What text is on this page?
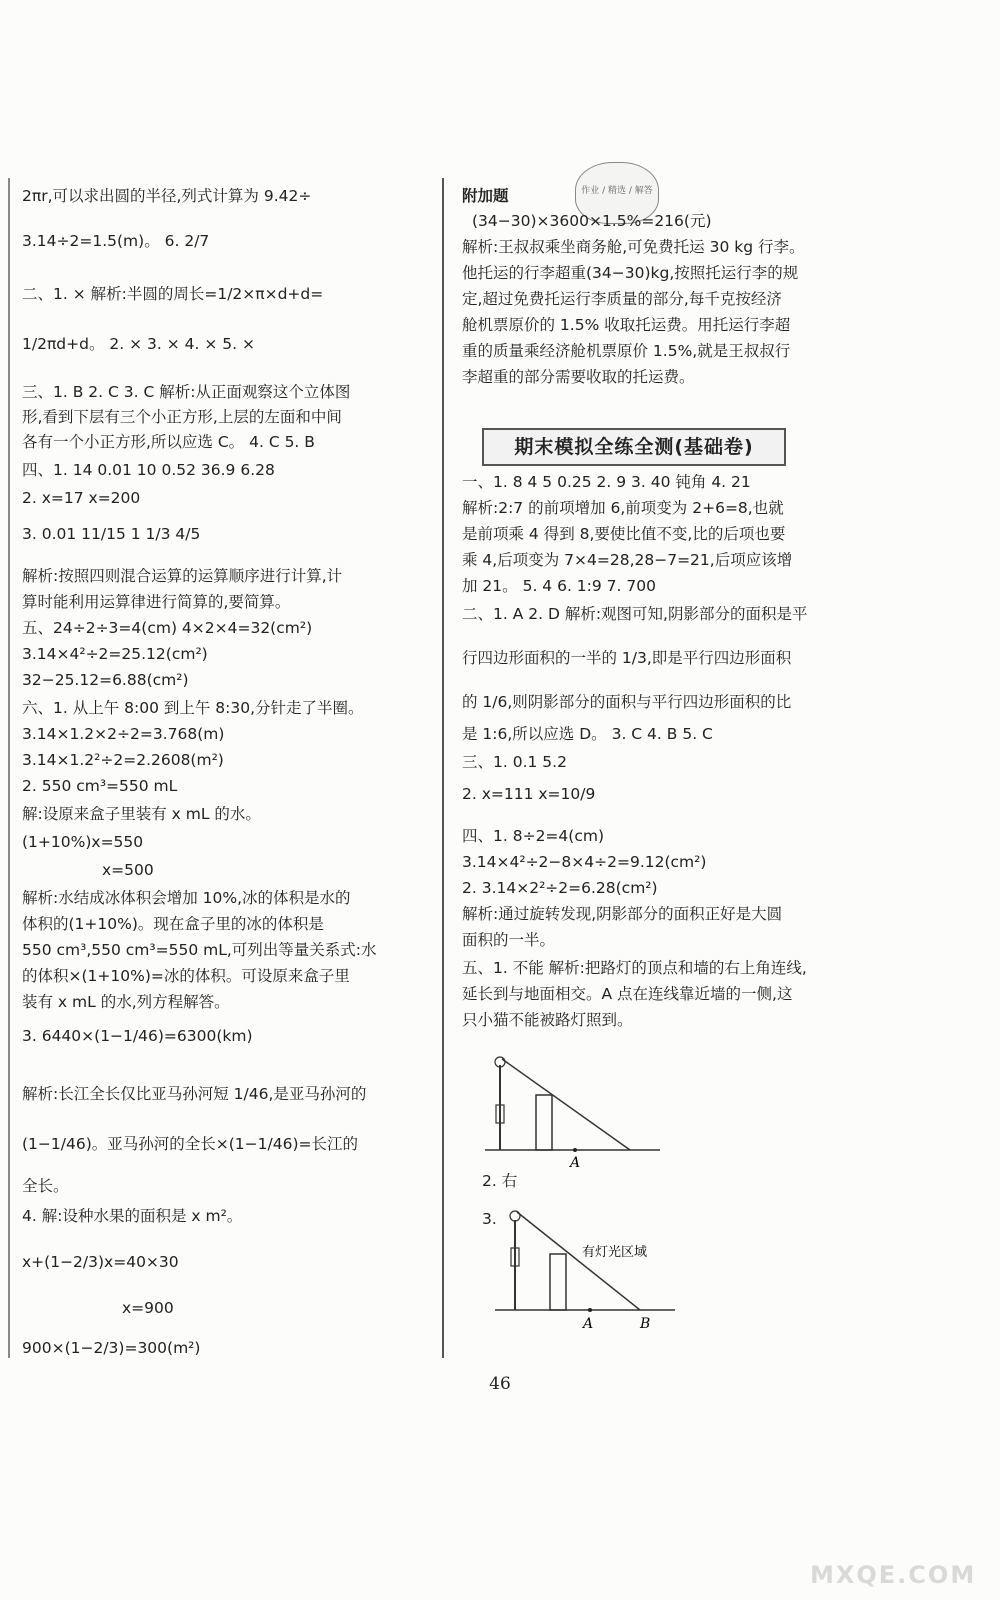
作业 / 精选 / 解答
2πr,可以求出圆的半径,列式计算为 9.42÷
3.14÷2=1.5(m)。 6. 2/7
二、1. × 解析:半圆的周长=1/2×π×d+d=
1/2πd+d。 2. × 3. × 4. × 5. ×
三、1. B 2. C 3. C 解析:从正面观察这个立体图
形,看到下层有三个小正方形,上层的左面和中间
各有一个小正方形,所以应选 C。 4. C 5. B
四、1. 14 0.01 10 0.52 36.9 6.28
2. x=17 x=200
3. 0.01 11/15 1 1/3 4/5
解析:按照四则混合运算的运算顺序进行计算,计
算时能利用运算律进行简算的,要简算。
五、24÷2÷3=4(cm) 4×2×4=32(cm²)
3.14×4²÷2=25.12(cm²)
32−25.12=6.88(cm²)
六、1. 从上午 8:00 到上午 8:30,分针走了半圈。
3.14×1.2×2÷2=3.768(m)
3.14×1.2²÷2=2.2608(m²)
2. 550 cm³=550 mL
解:设原来盒子里装有 x mL 的水。
(1+10%)x=550
x=500
解析:水结成冰体积会增加 10%,冰的体积是水的
体积的(1+10%)。现在盒子里的冰的体积是
550 cm³,550 cm³=550 mL,可列出等量关系式:水
的体积×(1+10%)=冰的体积。可设原来盒子里
装有 x mL 的水,列方程解答。
3. 6440×(1−1/46)=6300(km)
解析:长江全长仅比亚马孙河短 1/46,是亚马孙河的
(1−1/46)。亚马孙河的全长×(1−1/46)=长江的
全长。
4. 解:设种水果的面积是 x m²。
x+(1−2/3)x=40×30
x=900
900×(1−2/3)=300(m²)
附加题
(34−30)×3600×1.5%=216(元)
解析:王叔叔乘坐商务舱,可免费托运 30 kg 行李。
他托运的行李超重(34−30)kg,按照托运行李的规
定,超过免费托运行李质量的部分,每千克按经济
舱机票原价的 1.5% 收取托运费。用托运行李超
重的质量乘经济舱机票原价 1.5%,就是王叔叔行
李超重的部分需要收取的托运费。
期末模拟全练全测(基础卷)
一、1. 8 4 5 0.25 2. 9 3. 40 钝角 4. 21
解析:2:7 的前项增加 6,前项变为 2+6=8,也就
是前项乘 4 得到 8,要使比值不变,比的后项也要
乘 4,后项变为 7×4=28,28−7=21,后项应该增
加 21。 5. 4 6. 1:9 7. 700
二、1. A 2. D 解析:观图可知,阴影部分的面积是平
行四边形面积的一半的 1/3,即是平行四边形面积
的 1/6,则阴影部分的面积与平行四边形面积的比
是 1:6,所以应选 D。 3. C 4. B 5. C
三、1. 0.1 5.2
2. x=111 x=10/9
四、1. 8÷2=4(cm)
3.14×4²÷2−8×4÷2=9.12(cm²)
2. 3.14×2²÷2=6.28(cm²)
解析:通过旋转发现,阴影部分的面积正好是大圆
面积的一半。
五、1. 不能 解析:把路灯的顶点和墙的右上角连线,
延长到与地面相交。A 点在连线靠近墙的一侧,这
只小猫不能被路灯照到。
2. 右
3.
A
有灯光区域
A	B
46
MXQE.COM
